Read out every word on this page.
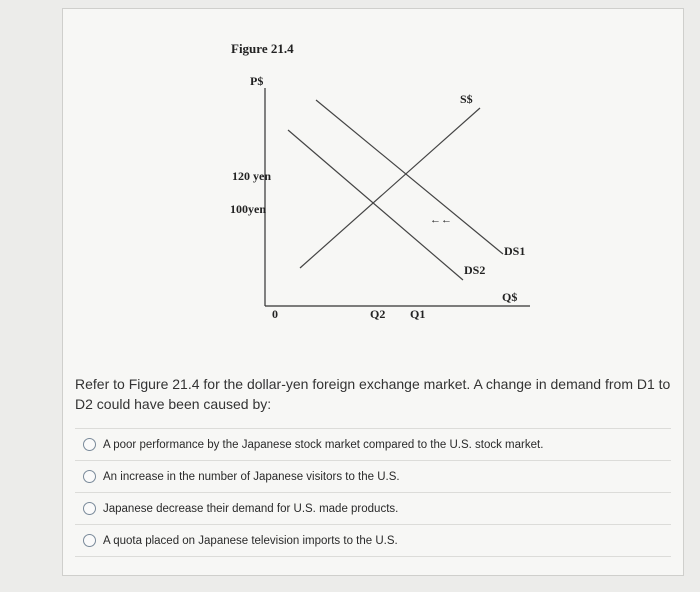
Figure 21.4
P$
120 yen
100yen
S$
←←
DS1
DS2
Q$
0	Q2 Q1
Refer to Figure 21.4 for the dollar-yen foreign exchange market. A change in demand from D1 to D2 could have been caused by:
A poor performance by the Japanese stock market compared to the U.S. stock market.
An increase in the number of Japanese visitors to the U.S.
Japanese decrease their demand for U.S. made products.
A quota placed on Japanese television imports to the U.S.
